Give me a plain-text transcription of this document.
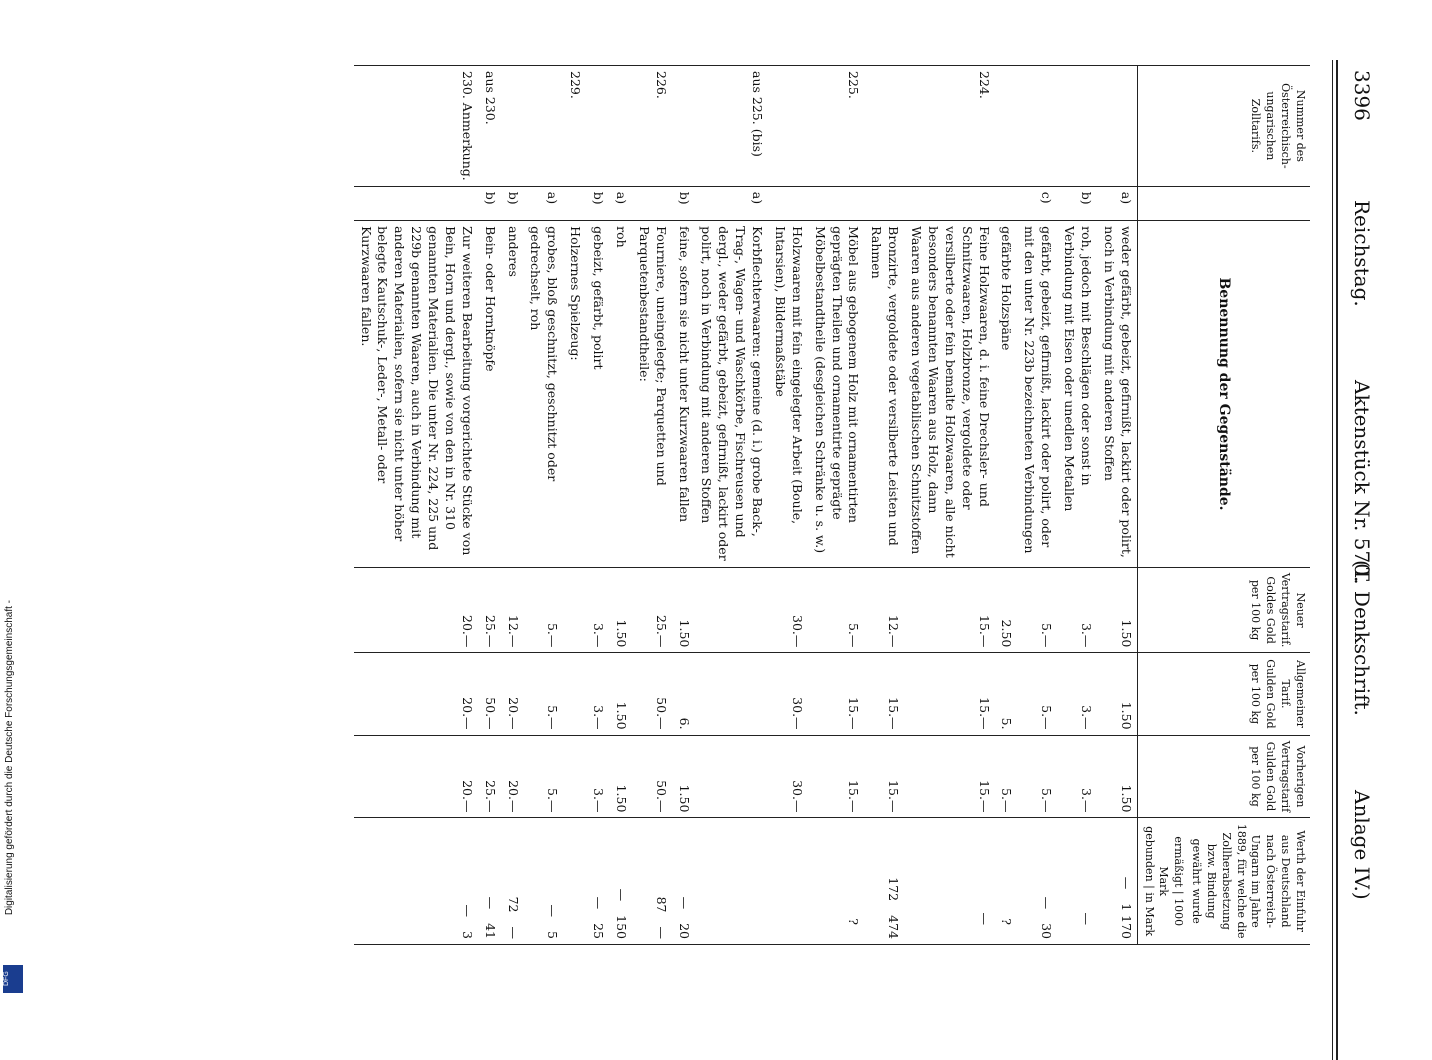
3396
Reichstag.
Aktenstück Nr. 570.
(T. Denkschrift.
Anlage IV.)
Nummer des Österreichisch-ungarischen Zolltarifs.		Benennung der Gegenstände.	Neuer Vertragstarif. Goldes Gold per 100 kg	Allgemeiner Tarif. Gulden Gold per 100 kg	Vorherigen Vertragstarif Gulden Gold per 100 kg	Werth der Einfuhr aus Deutschland nach Österreich-Ungarn im Jahre 1889, für welche die Zollherabsetzung bzw. Bindung gewährt wurde
ermäßigt | 1000 Mark
gebunden | in Mark

	a)	weder gefärbt, gebeizt, gefirnißt, lackirt oder polirt, noch in Verbindung mit anderen Stoffen	1.50	1.50	1.50	—1 170
	b)	roh, jedoch mit Beschlägen oder sonst in Verbindung mit Eisen oder unedlen Metallen	3.—	3.—	3.—	—
	c)	gefärbt, gebeizt, gefirnißt, lackirt oder polirt, oder mit den unter Nr. 223b bezeichneten Verbindungen	5.—	5.—	5.—	—30
		gefärbte Holzspäne	2.50	5.	5.—	?
224.		Feine Holzwaaren, d. i. feine Drechsler- und Schnitzwaaren, Holzbronze, vergoldete oder versilberte oder fein bemalte Holzwaaren, alle nicht besonders benannten Waaren aus Holz, dann Waaren aus anderen vegetabilischen Schnitzstoffen	15.—	15.—	15.—	—
		Bronzirte, vergoldete oder versilberte Leisten und Rahmen	12.—	15.—	15.—	172474
225.		Möbel aus gebogenem Holz mit ornamentirten geprägten Theilen und ornamentirte geprägte Möbelbestandtheile (desgleichen Schränke u. s. w.)	5.—	15.—	15.—	?
		Holzwaaren mit fein eingelegter Arbeit (Boule, Intarsien), Bildermaßstäbe	30.—	30.—	30.—	
aus 225. (bis)	a)	Korbflechterwaaren: gemeine (d. i.) grobe Back-, Trag-, Wagen- und Waschkörbe, Fischreusen und dergl., weder gefärbt, gebeizt, gefirnißt, lackirt oder polirt, noch in Verbindung mit anderen Stoffen				
	b)	feine, sofern sie nicht unter Kurzwaaren fallen	1.50	6.	1.50	—20
226.		Fourniere, uneingelegte; Parquetten und Parquetenbestandtheile:	25.—	50.—	50.—	87—
	a)	roh	1.50	1.50	1.50	—150
	b)	gebeizt, gefärbt, polirt	3.—	3.—	3.—	—25
229.		Holzernes Spielzeug:				
	a)	grobes, bloß geschnitzt, geschnitzt oder gedrechselt, roh	5.—	5.—	5.—	—5
	b)	anderes	12.—	20.—	20.—	72—
aus 230.	b)	Bein- oder Hornknöpfe	25.—	50.—	25.—	—41
230. Anmerkung.		Zur weiteren Bearbeitung vorgerichtete Stücke von Bein, Horn und dergl., sowie von den in Nr. 310 genannten Materialien. Die unter Nr. 224, 225 und 229b genannten Waaren, auch in Verbindung mit anderen Materialien, sofern sie nicht unter höher belegte Kautschuk-, Leder-, Metall- oder Kurzwaaren fallen.	20.—	20.—	20.—	—3
Digitalisierung gefördert durch die Deutsche Forschungsgemeinschaft -
DFG
